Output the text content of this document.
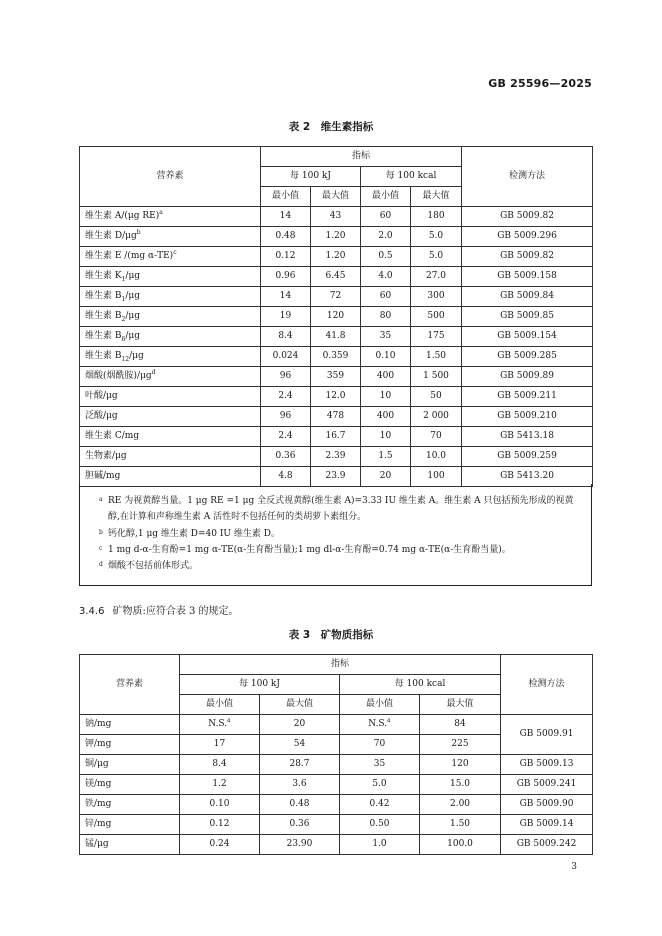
GB 25596—2025
表 2　维生素指标
营养素	指标				检测方法
	每 100 kJ		每 100 kcal		
	最小值	最大值	最小值	最大值	
维生素 A/(μg RE)$^a$	14	43	60	180	GB 5009.82
维生素 $D/\mu g^b$	0.48	1.20	2.0	5.0	GB 5009.296
维生素 E /(mg α-TE)$^c$	0.12	1.20	0.5	5.0	GB 5009.82
维生素 $K_1/\mu g$	0.96	6.45	4.0	27.0	GB 5009.158
维生素 $B_1/\mu g$	14	72	60	300	GB 5009.84
维生素 $B_2/\mu g$	19	120	80	500	GB 5009.85
维生素 $B_6/\mu g$	8.4	41.8	35	175	GB 5009.154
维生素 $B_{12}/\mu g$	0.024	0.359	0.10	1.50	GB 5009.285
烟酸(烟酰胺)$/\mu g^d$	96	359	400	1 500	GB 5009.89
叶酸/μg	2.4	12.0	10	50	GB 5009.211
泛酸/μg	96	478	400	2 000	GB 5009.210
维生素 C/mg	2.4	16.7	10	70	GB 5413.18
生物素/μg	0.36	2.39	1.5	10.0	GB 5009.259
胆碱/mg	4.8	23.9	20	100	GB 5413.20
a RE 为视黄醇当量。1 μg RE =1 μg 全反式视黄醇(维生素 A)=3.33 IU 维生素 A。维生素 A 只包括预先形成的视黄醇,在计算和声称维生素 A 活性时不包括任何的类胡萝卜素组分。
b 钙化醇,1 μg 维生素 D=40 IU 维生素 D。
c 1 mg d-α-生育酚=1 mg α-TE(α-生育酚当量);1 mg dl-α-生育酚=0.74 mg α-TE(α-生育酚当量)。
d 烟酸不包括前体形式。
3.4.6 矿物质:应符合表 3 的规定。
表 3　矿物质指标
营养素	指标				检测方法
	每 100 kJ		每 100 kcal		
	最小值	最大值	最小值	最大值	
钠/mg	N.S.$^a$	20	N.S.$^a$	84	GB 5009.91
钾/mg	17	54	70	225	
铜/μg	8.4	28.7	35	120	GB 5009.13
镁/mg	1.2	3.6	5.0	15.0	GB 5009.241
铁/mg	0.10	0.48	0.42	2.00	GB 5009.90
锌/mg	0.12	0.36	0.50	1.50	GB 5009.14
锰/μg	0.24	23.90	1.0	100.0	GB 5009.242
3
